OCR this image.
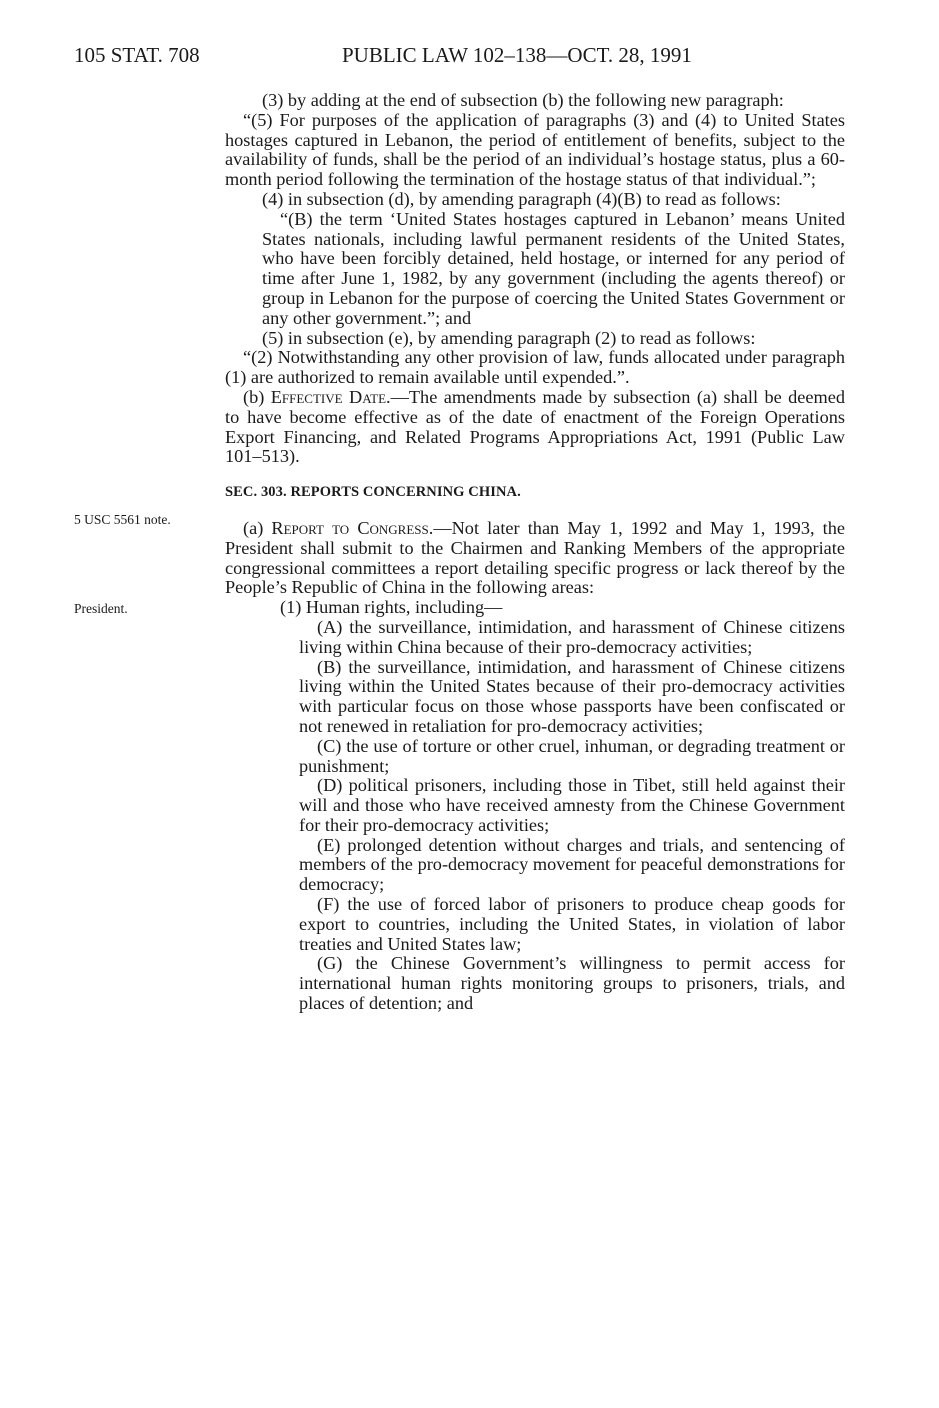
105 STAT. 708	PUBLIC LAW 102–138—OCT. 28, 1991
5 USC 5561 note.
President.

(3) by adding at the end of subsection (b) the following new paragraph:

“(5) For purposes of the application of paragraphs (3) and (4) to United States hostages captured in Lebanon, the period of entitlement of benefits, subject to the availability of funds, shall be the period of an individual’s hostage status, plus a 60-month period following the termination of the hostage status of that individual.”;

(4) in subsection (d), by amending paragraph (4)(B) to read as follows:

“(B) the term ‘United States hostages captured in Lebanon’ means United States nationals, including lawful permanent residents of the United States, who have been forcibly detained, held hostage, or interned for any period of time after June 1, 1982, by any government (including the agents thereof) or group in Lebanon for the purpose of coercing the United States Government or any other government.”; and

(5) in subsection (e), by amending paragraph (2) to read as follows:

“(2) Notwithstanding any other provision of law, funds allocated under paragraph (1) are authorized to remain available until expended.”.

(b) Effective Date.—The amendments made by subsection (a) shall be deemed to have become effective as of the date of enactment of the Foreign Operations Export Financing, and Related Programs Appropriations Act, 1991 (Public Law 101–513).

SEC. 303. REPORTS CONCERNING CHINA.

(a) Report to Congress.—Not later than May 1, 1992 and May 1, 1993, the President shall submit to the Chairmen and Ranking Members of the appropriate congressional committees a report detailing specific progress or lack thereof by the People’s Republic of China in the following areas:

(1) Human rights, including—

(A) the surveillance, intimidation, and harassment of Chinese citizens living within China because of their pro-democracy activities;

(B) the surveillance, intimidation, and harassment of Chinese citizens living within the United States because of their pro-democracy activities with particular focus on those whose passports have been confiscated or not renewed in retaliation for pro-democracy activities;

(C) the use of torture or other cruel, inhuman, or degrading treatment or punishment;

(D) political prisoners, including those in Tibet, still held against their will and those who have received amnesty from the Chinese Government for their pro-democracy activities;

(E) prolonged detention without charges and trials, and sentencing of members of the pro-democracy movement for peaceful demonstrations for democracy;

(F) the use of forced labor of prisoners to produce cheap goods for export to countries, including the United States, in violation of labor treaties and United States law;

(G) the Chinese Government’s willingness to permit access for international human rights monitoring groups to prisoners, trials, and places of detention; and
